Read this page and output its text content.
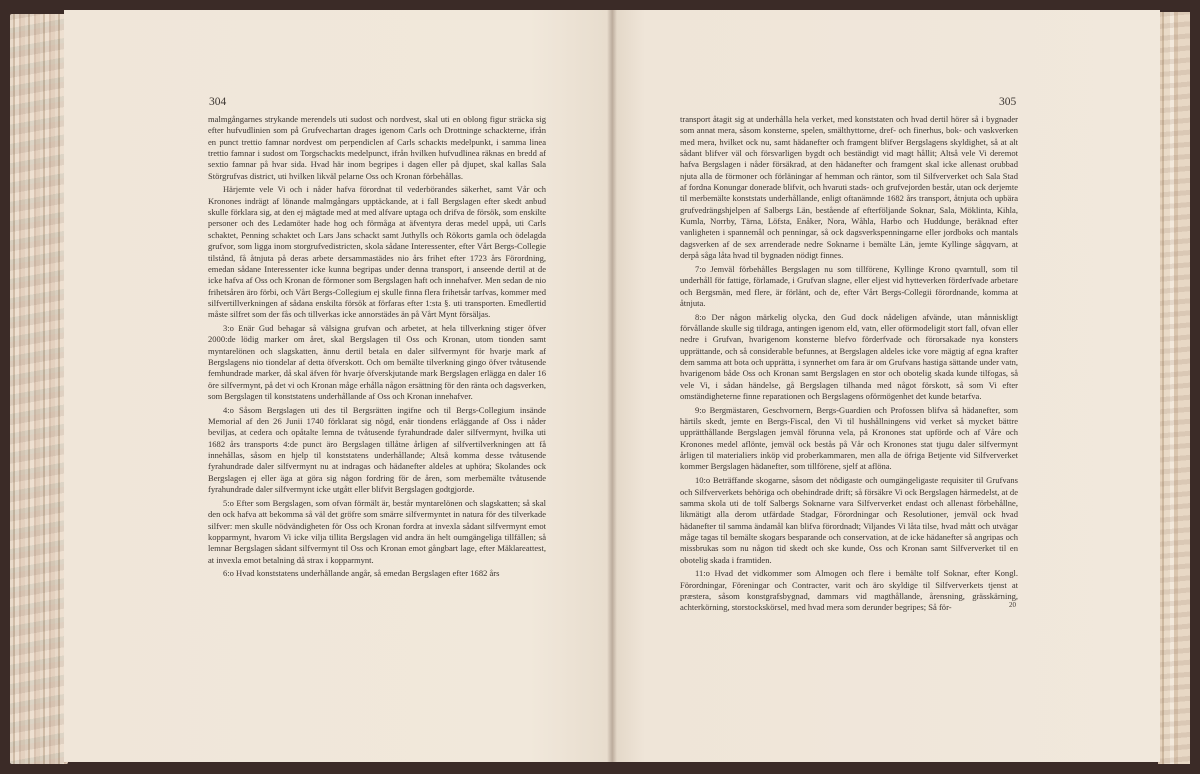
304	305

malmgångarnes strykande merendels uti sudost och nordvest, skal uti en oblong figur sträcka sig efter hufvudlinien som på Grufvechartan drages igenom Carls och Drottninge schackterne, ifrån en punct trettio famnar nordvest om perpendiclen af Carls schackts medelpunkt, i samma linea trettio famnar i sudost om Torgschackts medelpunct, ifrån hvilken hufvudlinea räknas en bredd af sextio famnar på hvar sida. Hvad här inom begripes i dagen eller på djupet, skal kallas Sala Störgrufvas district, uti hvilken likväl pelarne Oss och Kronan förbehållas.

Härjemte vele Vi och i nåder hafva förordnat til vederbörandes säkerhet, samt Vår och Kronones indrägt af lönande malmgångars upptäckande, at i fall Bergslagen efter skedt anbud skulle förklara sig, at den ej mägtade med at med alfvare uptaga och drifva de försök, som enskilte personer och des Ledamöter hade hog och förmåga at äfventyra deras medel uppå, uti Carls schaktet, Penning schaktet och Lars Jans schackt samt Juthylls och Rökorts gamla och ödelagda grufvor, som ligga inom storgrufvedistricten, skola sådane Interessenter, efter Vårt Bergs-Collegie tilstånd, få åtnjuta på deras arbete dersammastädes nio års frihet efter 1723 års Förordning, emedan sådane Interessenter icke kunna begripas under denna transport, i anseende dertil at de icke hafva af Oss och Kronan de förmoner som Bergslagen haft och innehafver. Men sedan de nio frihetsåren äro förbi, och Vårt Bergs-Collegium ej skulle finna flera frihetsår tarfvas, kommer med silfvertillverkningen af sådana enskilta försök at förfaras efter 1:sta §. uti transporten. Emedlertid måste silfret som der fås och tillverkas icke annorstädes än på Vårt Mynt försäljas.

3:o Enär Gud behagar så välsigna grufvan och arbetet, at hela tillverkning stiger öfver 2000:de lödig marker om året, skal Bergslagen til Oss och Kronan, utom tionden samt myntarelönen och slagskatten, ännu dertil betala en daler silfvermynt för hvarje mark af Bergslagens nio tiondelar af detta öfverskott. Och om bemälte tilverkning gingo öfver tvåtusende femhundrade marker, då skal äfven för hvarje öfverskjutande mark Bergslagen erlägga en daler 16 öre silfvermynt, på det vi och Kronan måge erhålla någon ersättning för den ränta och dagsverken, som Bergslagen til konststatens underhållande af Oss och Kronan innehafver.

4:o Såsom Bergslagen uti des til Bergsrätten ingifne och til Bergs-Collegium insände Memorial af den 26 Junii 1740 förklarat sig nögd, enär tiondens erläggande af Oss i nåder beviljas, at cedera och opåtalte lemna de tvåtusende fyrahundrade daler silfvermynt, hvilka uti 1682 års transports 4:de punct äro Bergslagen tillåtne årligen af silfvertilverkningen att få innehållas, såsom en hjelp til konststatens underhållande; Altså komma desse tvåtusende fyrahundrade daler silfvermynt nu at indragas och hädanefter aldeles at uphöra; Skolandes ock Bergslagen ej eller äga at göra sig någon fordring för de åren, som merbemälte tvåtusende fyrahundrade daler silfvermynt icke utgått eller blifvit Bergslagen godtgjorde.

5:o Efter som Bergslagen, som ofvan förmält är, består myntarelönen och slagskatten; så skal den ock hafva att bekomma så väl det gröfre som smärre silfvermyntet in natura för des tilverkade silfver: men skulle nödvändigheten för Oss och Kronan fordra at invexla sådant silfvermynt emot kopparmynt, hvarom Vi icke vilja tillita Bergslagen vid andra än helt oumgängeliga tillfällen; så lemnar Bergslagen sådant silfvermynt til Oss och Kronan emot gångbart lage, efter Mäklareattest, at invexla emot betalning då strax i kopparmynt.

6:o Hvad konststatens underhållande angår, så emedan Bergslagen efter 1682 års

transport åtagit sig at underhålla hela verket, med konststaten och hvad dertil hörer så i bygnader som annat mera, såsom konsterne, spelen, smälthyttorne, dref- och finerhus, bok- och vaskverken med mera, hvilket ock nu, samt hädanefter och framgent blifver Bergslagens skyldighet, så at alt sådant blifver väl och försvarligen bygdt och beständigt vid magt hållit; Altså vele Vi deremot hafva Bergslagen i nåder försäkrad, at den hädanefter och framgent skal icke allenast orubbad njuta alla de förmoner och förläningar af hemman och räntor, som til Silfververket och Sala Stad af fordna Konungar donerade blifvit, och hvaruti stads- och grufvejorden består, utan ock derjemte til merbemälte konststats underhållande, enligt oftanämnde 1682 års transport, åtnjuta och upbära grufvedrängshjelpen af Salbergs Län, bestående af efterföljande Soknar, Sala, Möklinta, Kihla, Kumla, Norrby, Tärna, Löfsta, Enåker, Nora, Wåhla, Harbo och Huddunge, beräknad efter vanligheten i spannemål och penningar, så ock dagsverkspenningarne eller jordboks och mantals dagsverken af de sex arrenderade nedre Soknarne i bemälte Län, jemte Kyllinge sågqvarn, at derpå såga låta hvad til bygnaden nödigt finnes.

7:o Jemväl förbehålles Bergslagen nu som tillförene, Kyllinge Krono qvarntull, som til underhåll för fattige, förlamade, i Grufvan slagne, eller eljest vid hytteverken förderfvade arbetare och Bergsmän, med flere, är förlänt, och de, efter Vårt Bergs-Collegii förordnande, komma at åtnjuta.

8:o Der någon märkelig olycka, den Gud dock nådeligen afvände, utan månniskligt förvållande skulle sig tildraga, antingen igenom eld, vatn, eller oförmodeligit stort fall, ofvan eller nedre i Grufvan, hvarigenom konsterne blefvo förderfvade och förorsakade nya konsters upprättande, och så considerable befunnes, at Bergslagen aldeles icke vore mägtig af egna krafter dem samma att bota och upprätta, i synnerhet om fara är om Grufvans hastiga sättande under vatn, hvarigenom både Oss och Kronan samt Bergslagen en stor och obotelig skada kunde tilfogas, så vele Vi, i sådan händelse, gå Bergslagen tilhanda med något förskott, så som Vi efter omständigheterne finne reparationen och Bergslagens oförmögenhet det kunde betarfva.

9:o Bergmästaren, Geschvornern, Bergs-Guardien och Profossen blifva så hädanefter, som härtils skedt, jemte en Bergs-Fiscal, den Vi til hushållningens vid verket så mycket bättre upprätthållande Bergslagen jemväl förunna vela, på Kronones stat upförde och af Våre och Kronones medel aflönte, jemväl ock bestås på Vår och Kronones stat tjugu daler silfvermynt årligen til materialiers inköp vid proberkammaren, men alla de öfriga Betjente vid Silfververket kommer Bergslagen hädanefter, som tillförene, sjelf at aflöna.

10:o Beträffande skogarne, såsom det nödigaste och oumgängeligaste requisiter til Grufvans och Silfververkets behöriga och obehindrade drift; så försäkre Vi ock Bergslagen härmedelst, at de samma skola uti de tolf Salbergs Soknarne vara Silfververket endast och allenast förbehållne, likmätigt alla derom utfärdade Stadgar, Förordningar och Resolutioner, jemväl ock hvad hädanefter til samma ändamål kan blifva förordnadt; Viljandes Vi låta tilse, hvad mått och utvägar måge tagas til bemälte skogars besparande och conservation, at de icke hädanefter så angripas och missbrukas som nu någon tid skedt och ske kunde, Oss och Kronan samt Silfververket til en obotelig skada i framtiden.

11:o Hvad det vidkommer som Almogen och flere i bemälte tolf Soknar, efter Kongl. Förordningar, Föreningar och Contracter, varit och äro skyldige til Silfververkets tjenst at præstera, såsom konstgrafsbygnad, dammars vid magthållande, årensning, grässkärning, achterkörning, storstockskörsel, med hvad mera som derunder begripes; Så för-	20
